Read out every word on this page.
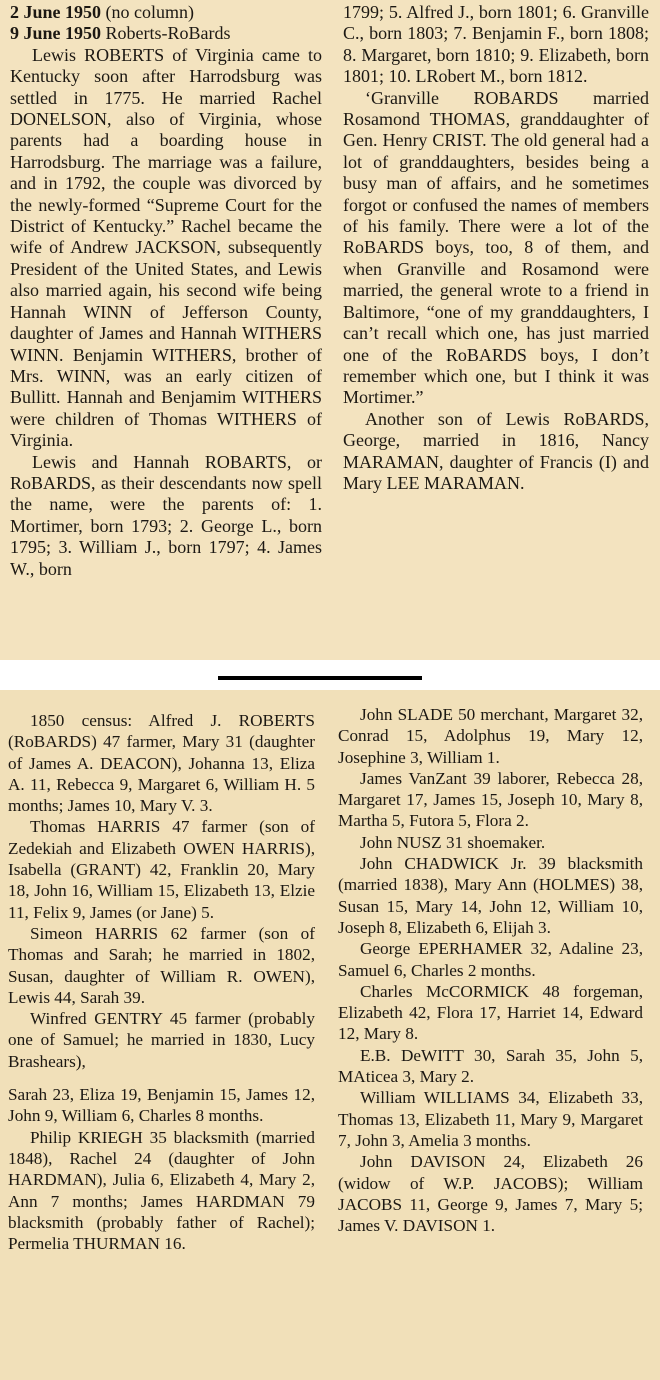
2 June 1950 (no column)
9 June 1950 Roberts-RoBards

Lewis ROBERTS of Virginia came to Kentucky soon after Harrodsburg was settled in 1775. He married Rachel DONELSON, also of Virginia, whose parents had a boarding house in Harrodsburg. The marriage was a failure, and in 1792, the couple was divorced by the newly-formed “Supreme Court for the District of Kentucky.” Rachel became the wife of Andrew JACKSON, subsequently President of the United States, and Lewis also married again, his second wife being Hannah WINN of Jefferson County, daughter of James and Hannah WITHERS WINN. Benjamin WITHERS, brother of Mrs. WINN, was an early citizen of Bullitt. Hannah and Benjamim WITHERS were children of Thomas WITHERS of Virginia.

Lewis and Hannah ROBARTS, or RoBARDS, as their descendants now spell the name, were the parents of: 1. Mortimer, born 1793; 2. George L., born 1795; 3. William J., born 1797; 4. James W., born

1799; 5. Alfred J., born 1801; 6. Granville C., born 1803; 7. Benjamin F., born 1808; 8. Margaret, born 1810; 9. Elizabeth, born 1801; 10. LRobert M., born 1812.

‘Granville ROBARDS married Rosamond THOMAS, granddaughter of Gen. Henry CRIST. The old general had a lot of granddaughters, besides being a busy man of affairs, and he sometimes forgot or confused the names of members of his family. There were a lot of the RoBARDS boys, too, 8 of them, and when Granville and Rosamond were married, the general wrote to a friend in Baltimore, “one of my granddaughters, I can’t recall which one, has just married one of the RoBARDS boys, I don’t remember which one, but I think it was Mortimer.”

Another son of Lewis RoBARDS, George, married in 1816, Nancy MARAMAN, daughter of Francis (I) and Mary LEE MARAMAN.

1850 census: Alfred J. ROBERTS (RoBARDS) 47 farmer, Mary 31 (daughter of James A. DEACON), Johanna 13, Eliza A. 11, Rebecca 9, Margaret 6, William H. 5 months; James 10, Mary V. 3.

Thomas HARRIS 47 farmer (son of Zedekiah and Elizabeth OWEN HARRIS), Isabella (GRANT) 42, Franklin 20, Mary 18, John 16, William 15, Elizabeth 13, Elzie 11, Felix 9, James (or Jane) 5.

Simeon HARRIS 62 farmer (son of Thomas and Sarah; he married in 1802, Susan, daughter of William R. OWEN), Lewis 44, Sarah 39.

Winfred GENTRY 45 farmer (probably one of Samuel; he married in 1830, Lucy Brashears),

Sarah 23, Eliza 19, Benjamin 15, James 12, John 9, William 6, Charles 8 months.

Philip KRIEGH 35 blacksmith (married 1848), Rachel 24 (daughter of John HARDMAN), Julia 6, Elizabeth 4, Mary 2, Ann 7 months; James HARDMAN 79 blacksmith (probably father of Rachel); Permelia THURMAN 16.

John SLADE 50 merchant, Margaret 32, Conrad 15, Adolphus 19, Mary 12, Josephine 3, William 1.

James VanZant 39 laborer, Rebecca 28, Margaret 17, James 15, Joseph 10, Mary 8, Martha 5, Futora 5, Flora 2.

John NUSZ 31 shoemaker.

John CHADWICK Jr. 39 blacksmith (married 1838), Mary Ann (HOLMES) 38, Susan 15, Mary 14, John 12, William 10, Joseph 8, Elizabeth 6, Elijah 3.

George EPERHAMER 32, Adaline 23, Samuel 6, Charles 2 months.

Charles McCORMICK 48 forgeman, Elizabeth 42, Flora 17, Harriet 14, Edward 12, Mary 8.

E.B. DeWITT 30, Sarah 35, John 5, MAticea 3, Mary 2.

William WILLIAMS 34, Elizabeth 33, Thomas 13, Elizabeth 11, Mary 9, Margaret 7, John 3, Amelia 3 months.

John DAVISON 24, Elizabeth 26 (widow of W.P. JACOBS); William JACOBS 11, George 9, James 7, Mary 5; James V. DAVISON 1.
